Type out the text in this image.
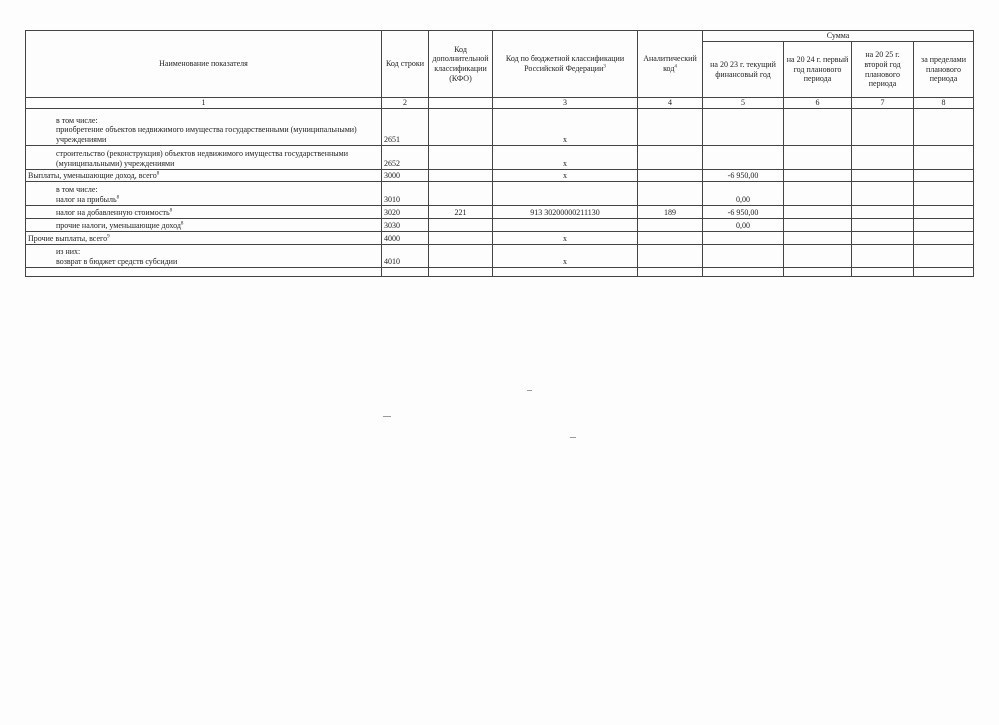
Наименование показателя	Код строки	Код дополнительной классификации (КФО)	Код по бюджетной классификации Российской Федерации$^3$	Аналитический код$^4$	Сумма			
					на 20 23 г. текущий финансовый год	на 20 24 г. первый год планового периода	на 20 25 г. второй год планового периода	за пределами планового периода
1	2		3	4	5	6	7	8

в том числе:
приобретение объектов недвижимого имущества государственными (муниципальными) учреждениями	2651		х					
строительство (реконструкция) объектов недвижимого имущества государственными (муниципальными) учреждениями	2652		х					
Выплаты, уменьшающие доход, всего$^8$	3000		х		-6 950,00			

в том числе:
налог на прибыль$^8$	3010				0,00			
налог на добавленную стоимость$^8$	3020	221	913 30200000211130	189	-6 950,00			
прочие налоги, уменьшающие доход$^8$	3030				0,00			
Прочие выплаты, всего$^9$	4000		х					

из них:
возврат в бюджет средств субсидии	4010		х					
